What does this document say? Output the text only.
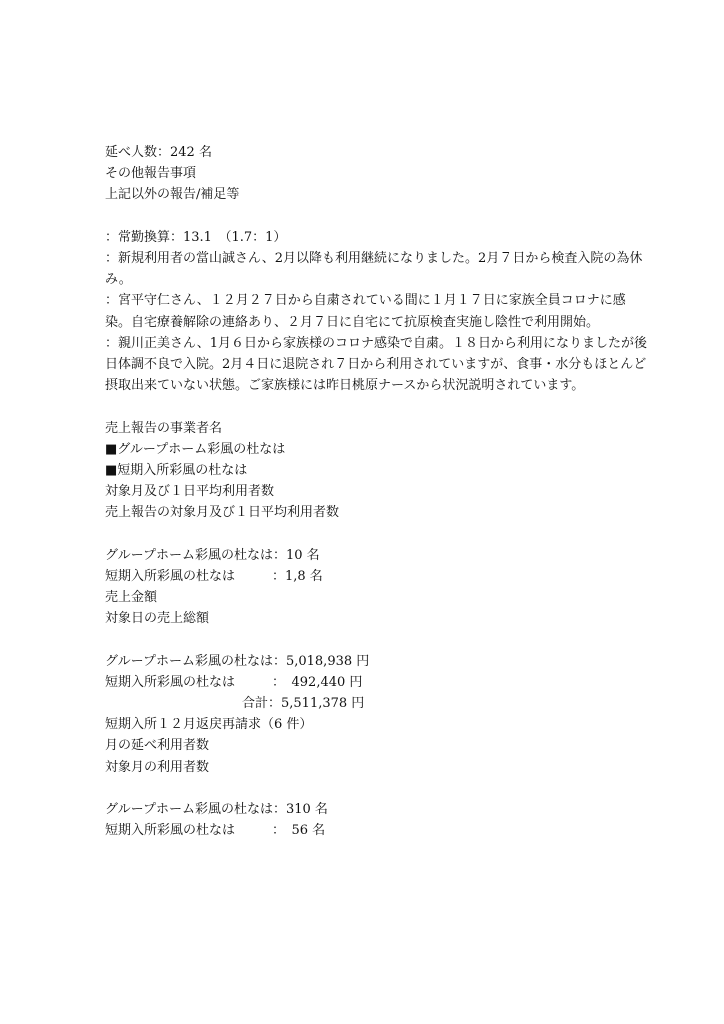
延べ人数：242 名
その他報告事項
上記以外の報告/補足等
：常勤換算：13.1　（1.7：1）
：新規利用者の當山誠さん、2月以降も利用継続になりました。2月７日から検査入院の為休み。
：宮平守仁さん、１２月２７日から自粛されている間に１月１７日に家族全員コロナに感染。自宅療養解除の連絡あり、２月７日に自宅にて抗原検査実施し陰性で利用開始。
：親川正美さん、1月６日から家族様のコロナ感染で自粛。１８日から利用になりましたが後日体調不良で入院。2月４日に退院され７日から利用されていますが、食事・水分もほとんど摂取出来ていない状態。ご家族様には昨日桃原ナースから状況説明されています。
売上報告の事業者名
■グループホーム彩風の杜なは
■短期入所彩風の杜なは
対象月及び１日平均利用者数
売上報告の対象月及び１日平均利用者数
グループホーム彩風の杜なは ：10 名
短期入所彩風の杜なは	：1,8 名
売上金額
対象日の売上総額
グループホーム彩風の杜なは ：5,018,938 円
短期入所彩風の杜なは	：　492,440 円
合計：5,511,378 円
短期入所１２月返戻再請求（6 件）
月の延べ利用者数
対象月の利用者数
グループホーム彩風の杜なは ：310 名
短期入所彩風の杜なは	：　56 名
